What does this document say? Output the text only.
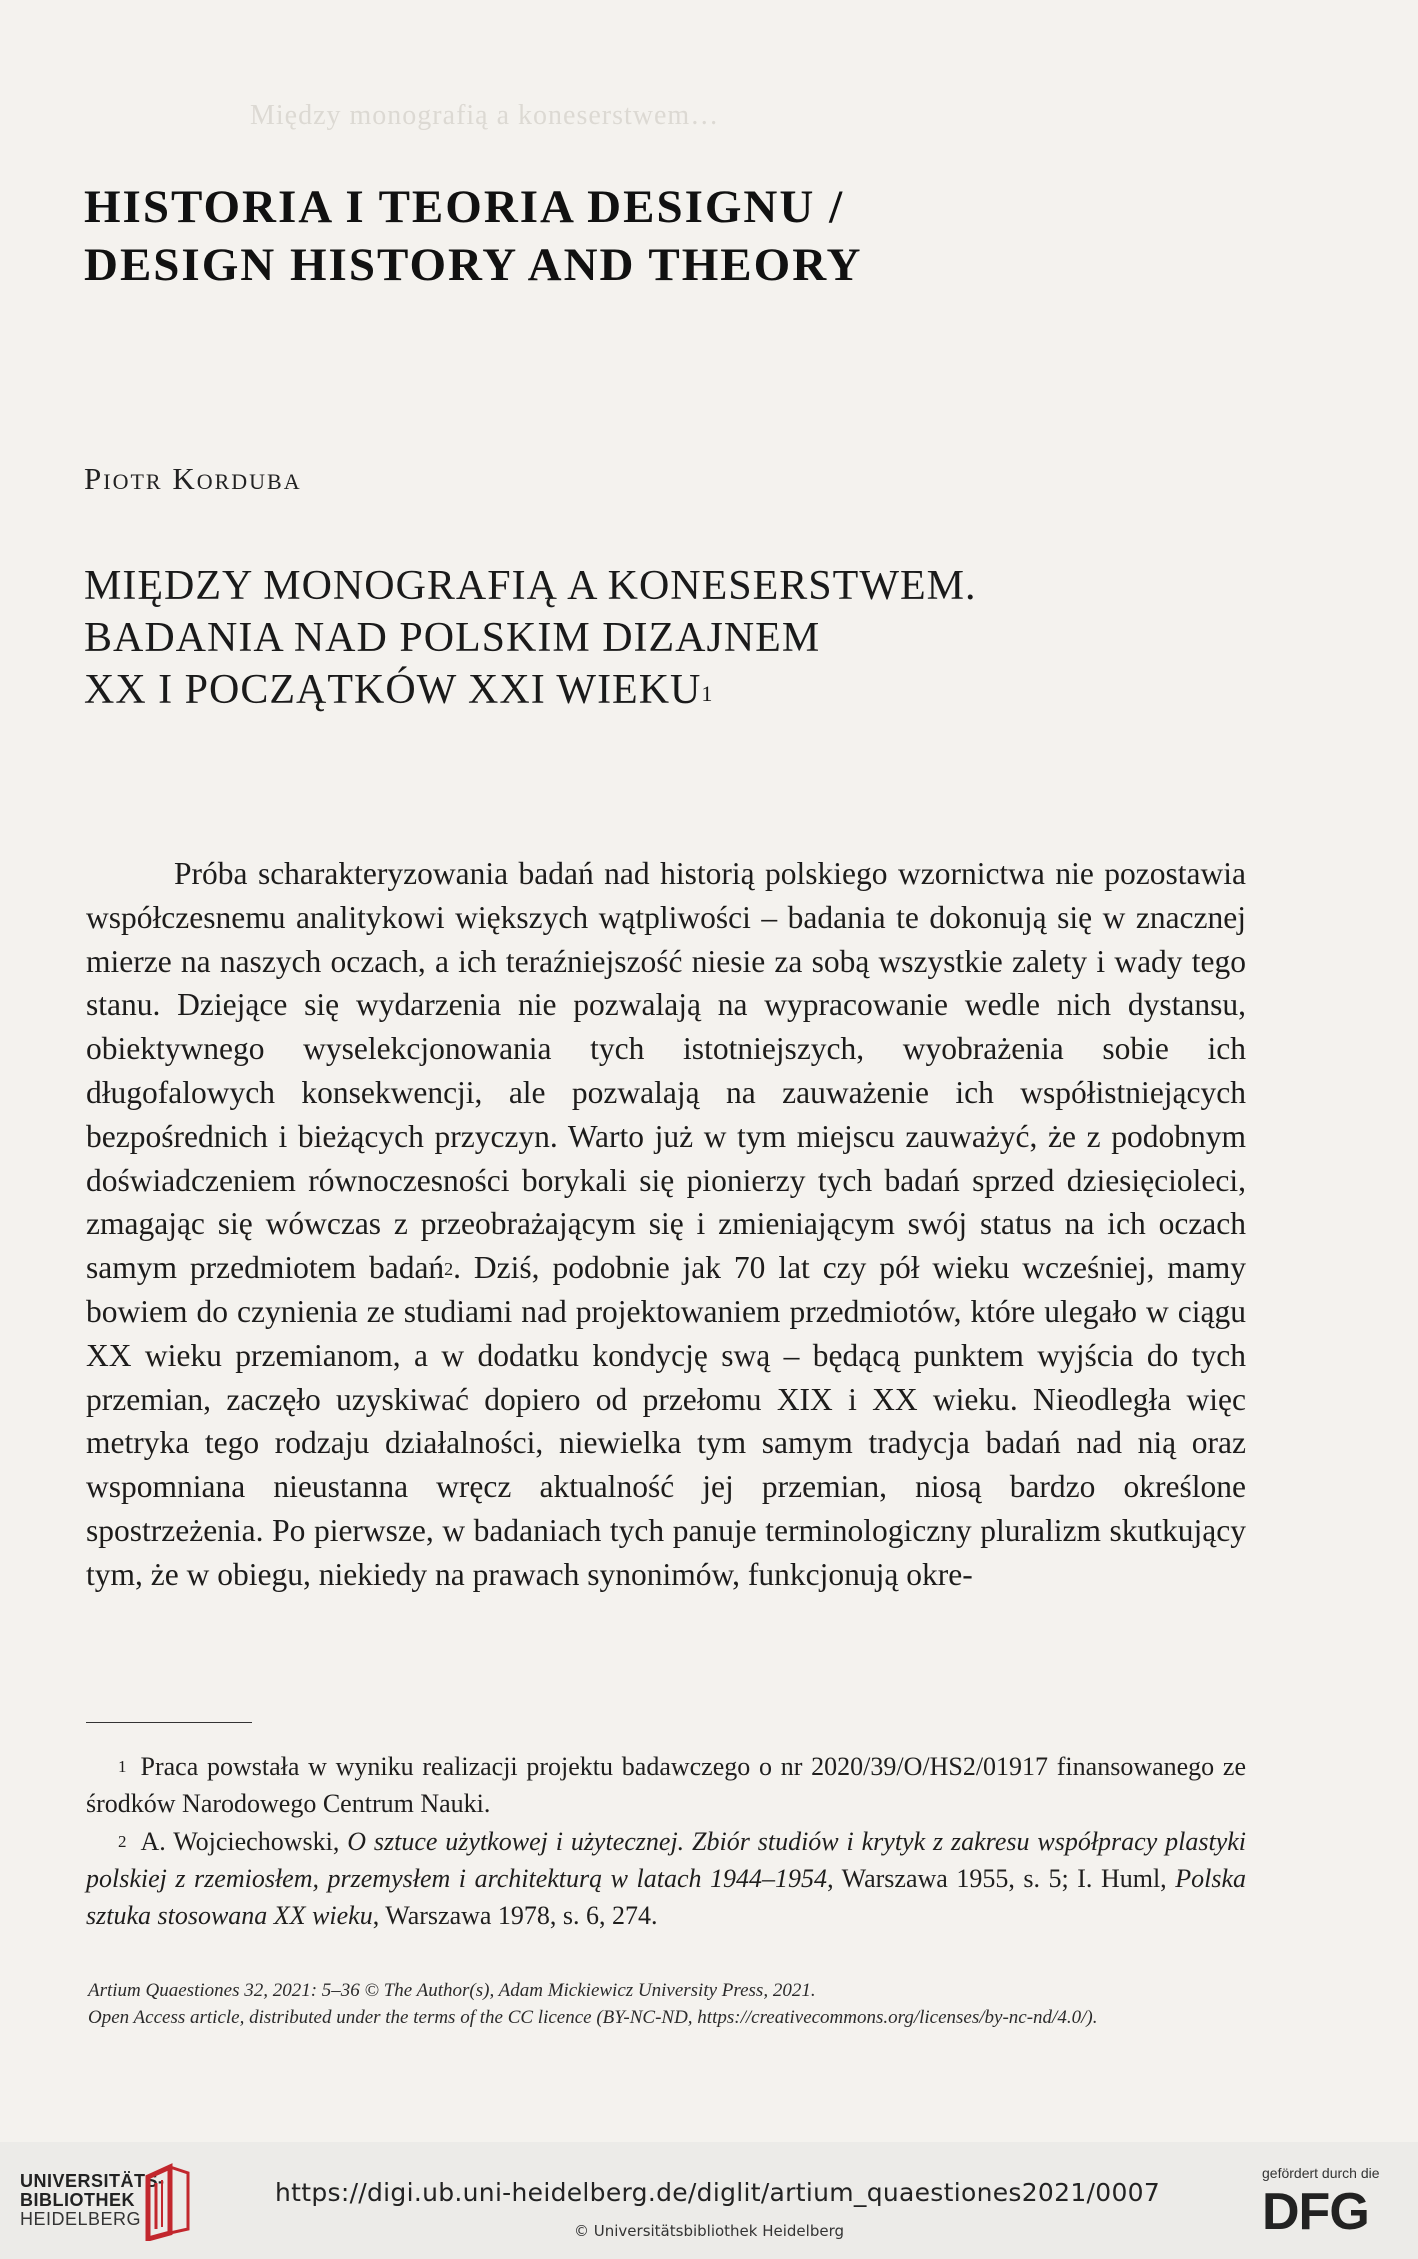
Między monografią a koneserstwem…
HISTORIA I TEORIA DESIGNU /
DESIGN HISTORY AND THEORY
Piotr Korduba
MIĘDZY MONOGRAFIĄ A KONESERSTWEM.
BADANIA NAD POLSKIM DIZAJNEM
XX I POCZĄTKÓW XXI WIEKU$^1$

Próba scharakteryzowania badań nad historią polskiego wzornictwa nie pozostawia współczesnemu analitykowi większych wątpliwości – badania te dokonują się w znacznej mierze na naszych oczach, a ich teraźniejszość niesie za sobą wszystkie zalety i wady tego stanu. Dziejące się wydarzenia nie pozwalają na wypracowanie wedle nich dystansu, obiektywnego wyselekcjonowania tych istotniejszych, wyobrażenia sobie ich długofalowych konsekwencji, ale pozwalają na zauważenie ich współistniejących bezpośrednich i bieżących przyczyn. Warto już w tym miejscu zauważyć, że z podobnym doświadczeniem równoczesności borykali się pionierzy tych badań sprzed dziesięcioleci, zmagając się wówczas z przeobrażającym się i zmieniającym swój status na ich oczach samym przedmiotem badań$^2$. Dziś, podobnie jak 70 lat czy pół wieku wcześniej, mamy bowiem do czynienia ze studiami nad projektowaniem przedmiotów, które ulegało w ciągu XX wieku przemianom, a w dodatku kondycję swą – będącą punktem wyjścia do tych przemian, zaczęło uzyskiwać dopiero od przełomu XIX i XX wieku. Nieodległa więc metryka tego rodzaju działalności, niewielka tym samym tradycja badań nad nią oraz wspomniana nieustanna wręcz aktualność jej przemian, niosą bardzo określone spostrzeżenia. Po pierwsze, w badaniach tych panuje terminologiczny pluralizm skutkujący tym, że w obiegu, niekiedy na prawach synonimów, funkcjonują okre-

$^1$ Praca powstała w wyniku realizacji projektu badawczego o nr 2020/39/O/HS2/01917 finansowanego ze środków Narodowego Centrum Nauki.

$^2$ A. Wojciechowski, O sztuce użytkowej i użytecznej. Zbiór studiów i krytyk z zakresu współpracy plastyki polskiej z rzemiosłem, przemysłem i architekturą w latach 1944–1954, Warszawa 1955, s. 5; I. Huml, Polska sztuka stosowana XX wieku, Warszawa 1978, s. 6, 274.

Artium Quaestiones 32, 2021: 5–36 © The Author(s), Adam Mickiewicz University Press, 2021.
Open Access article, distributed under the terms of the CC licence (BY-NC-ND, https://creativecommons.org/licenses/by-nc-nd/4.0/).
UNIVERSITÄTS-
BIBLIOTHEK
HEIDELBERG
https://digi.ub.uni-heidelberg.de/diglit/artium_quaestiones2021/0007
© Universitätsbibliothek Heidelberg
gefördert durch die
DFG
